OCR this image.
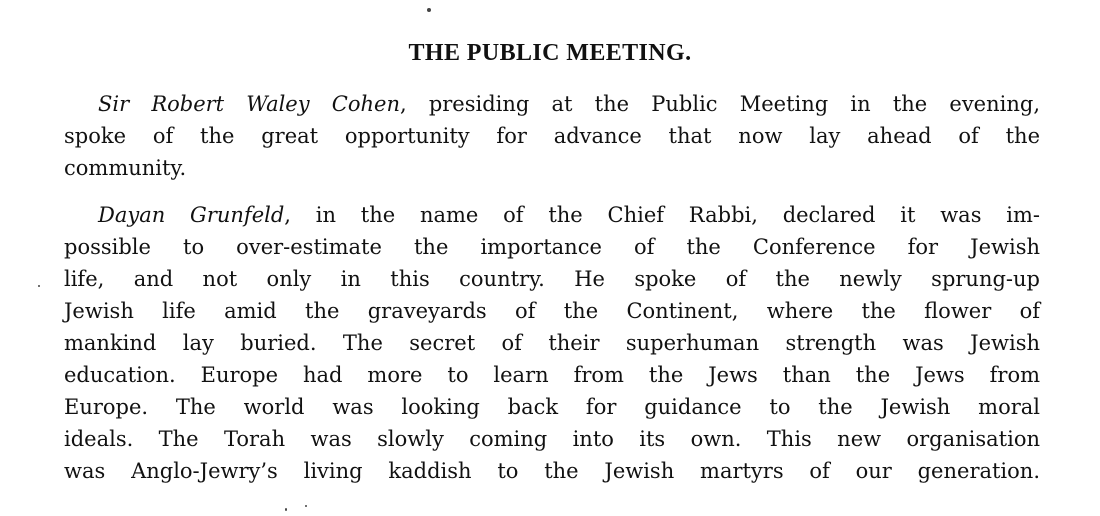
THE PUBLIC MEETING.

Sir Robert Waley Cohen, presiding at the Public Meeting in the evening,
spoke of the great opportunity for advance that now lay ahead of the
community.

Dayan Grunfeld, in the name of the Chief Rabbi, declared it was im-
possible to over-estimate the importance of the Conference for Jewish
life, and not only in this country. He spoke of the newly sprung-up
Jewish life amid the graveyards of the Continent, where the flower of
mankind lay buried. The secret of their superhuman strength was Jewish
education. Europe had more to learn from the Jews than the Jews from
Europe. The world was looking back for guidance to the Jewish moral
ideals. The Torah was slowly coming into its own. This new organisation
was Anglo-Jewry’s living kaddish to the Jewish martyrs of our generation.
